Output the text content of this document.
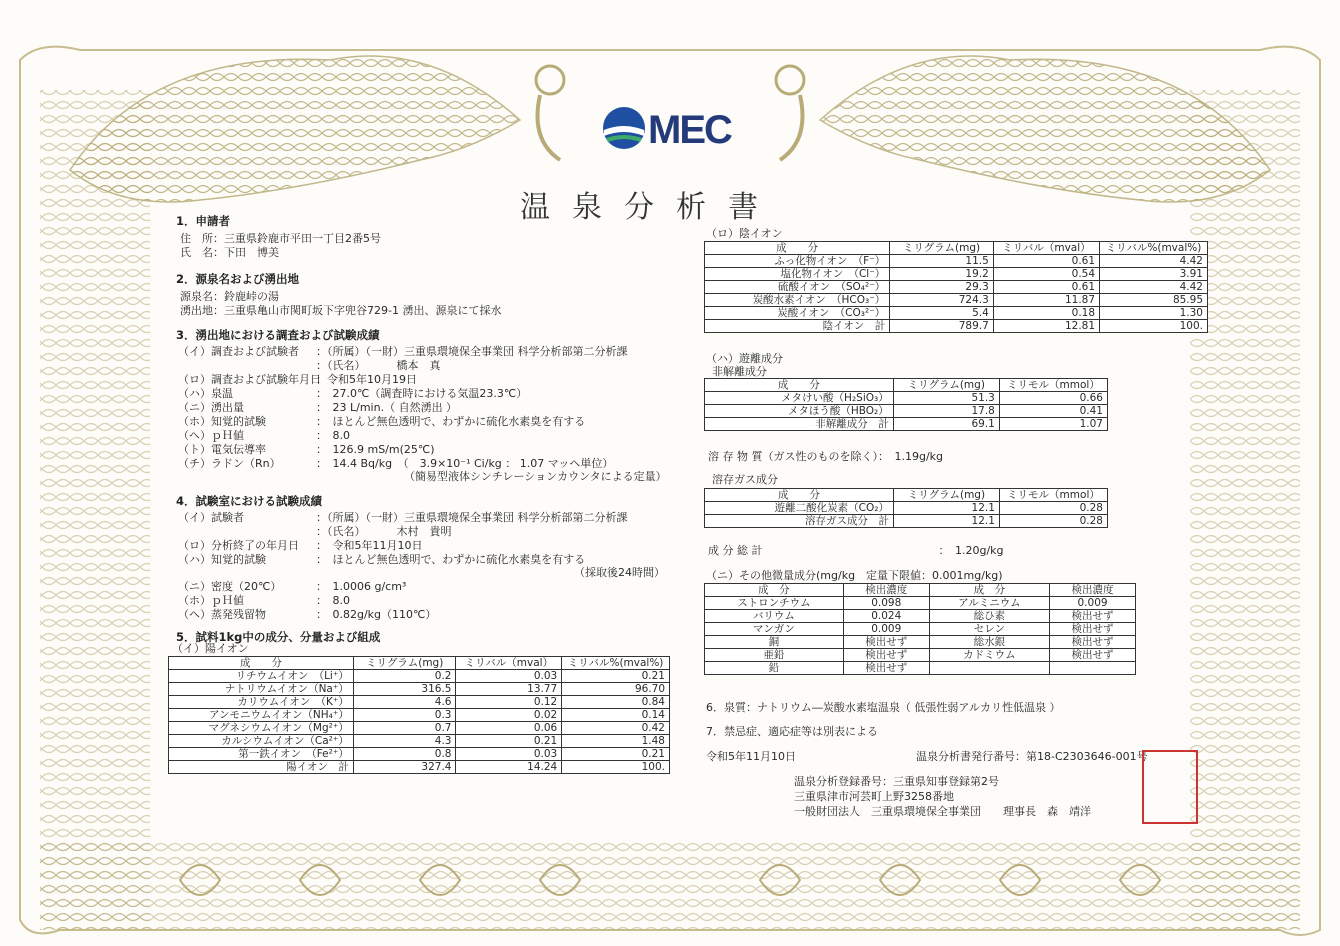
MEC
温泉分析書
1．申請者
住　所：三重県鈴鹿市平田一丁目2番5号
氏　名：下田　博美
2．源泉名および湧出地
源泉名：鈴鹿峠の湯
湧出地：三重県亀山市関町坂下字兜谷729-1 湧出、源泉にて採水
3．湧出地における調査および試験成績
（イ）調査および試験者 ：（所属）（一財）三重県環境保全事業団 科学分析部第二分析課
：（氏名）　　　 橋本　真
（ロ）調査および試験年月日：令和5年10月19日
（ハ）泉温	：　27.0℃（調査時における気温23.3℃）
（ニ）湧出量	：　23 L/min.（ 自然湧出 ）
（ホ）知覚的試験	：　ほとんど無色透明で、わずかに硫化水素臭を有する
（ヘ）ｐＨ値	：　8.0
（ト）電気伝導率	：　126.9 mS/m(25℃)
（チ）ラドン（Rn）	：　14.4 Bq/kg　（　3.9×10⁻¹ Ci/kg ： 1.07 マッヘ単位）
（簡易型液体シンチレーションカウンタによる定量）
4．試験室における試験成績
（イ）試験者	：（所属）（一財）三重県環境保全事業団 科学分析部第二分析課
：（氏名）　　　 木村　貴明
（ロ）分析終了の年月日 ：　令和5年11月10日
（ハ）知覚的試験	：　ほとんど無色透明で、わずかに硫化水素臭を有する
（採取後24時間）
（ニ）密度（20℃）	：　1.0006 g/cm³
（ホ）ｐＨ値	：　8.0
（ヘ）蒸発残留物	：　0.82g/kg（110℃）
5．試料1kg中の成分、分量および組成
（イ）陽イオン
成　　分	ミリグラム(mg)	ミリバル（mval）	ミリバル%(mval%)
リチウムイオン　（Li⁺）	0.2	0.03	0.21
ナトリウムイオン（Na⁺）	316.5	13.77	96.70
カリウムイオン　（K⁺）	4.6	0.12	0.84
アンモニウムイオン（NH₄⁺）	0.3	0.02	0.14
マグネシウムイオン（Mg²⁺）	0.7	0.06	0.42
カルシウムイオン（Ca²⁺）	4.3	0.21	1.48
第一鉄イオン　（Fe²⁺）	0.8	0.03	0.21
陽イオン　計	327.4	14.24	100.
（ロ）陰イオン
成　　分	ミリグラム(mg)	ミリバル（mval）	ミリバル%(mval%)
ふっ化物イオン　（F⁻）	11.5	0.61	4.42
塩化物イオン　（Cl⁻）	19.2	0.54	3.91
硫酸イオン　（SO₄²⁻）	29.3	0.61	4.42
炭酸水素イオン　（HCO₃⁻）	724.3	11.87	85.95
炭酸イオン　（CO₃²⁻）	5.4	0.18	1.30
陰イオン　計	789.7	12.81	100.
（ハ）遊離成分
非解離成分
成　　分	ミリグラム(mg)	ミリモル（mmol）
メタけい酸（H₂SiO₃）	51.3	0.66
メタほう酸（HBO₂）	17.8	0.41
非解離成分　計	69.1	1.07
溶 存 物 質（ガス性のものを除く）：　1.19g/kg
溶存ガス成分
成　　分	ミリグラム(mg)	ミリモル（mmol）
遊離二酸化炭素（CO₂）	12.1	0.28
溶存ガス成分　計	12.1	0.28
成 分 総 計　　　　　　　　　　　　　　　　：　1.20g/kg
（ニ）その他微量成分(mg/kg　定量下限値：0.001mg/kg)
成　分	検出濃度	成　分	検出濃度
ストロンチウム	0.098	アルミニウム	0.009
バリウム	0.024	総ひ素	検出せず
マンガン	0.009	セレン	検出せず
銅	検出せず	総水銀	検出せず
亜鉛	検出せず	カドミウム	検出せず
鉛	検出せず		
6．泉質：ナトリウム―炭酸水素塩温泉（ 低張性弱アルカリ性低温泉 ）
7．禁忌症、適応症等は別表による
令和5年11月10日	温泉分析書発行番号：第18-C2303646-001号
温泉分析登録番号：三重県知事登録第2号
三重県津市河芸町上野3258番地
一般財団法人　三重県環境保全事業団　　理事長　森　靖洋
